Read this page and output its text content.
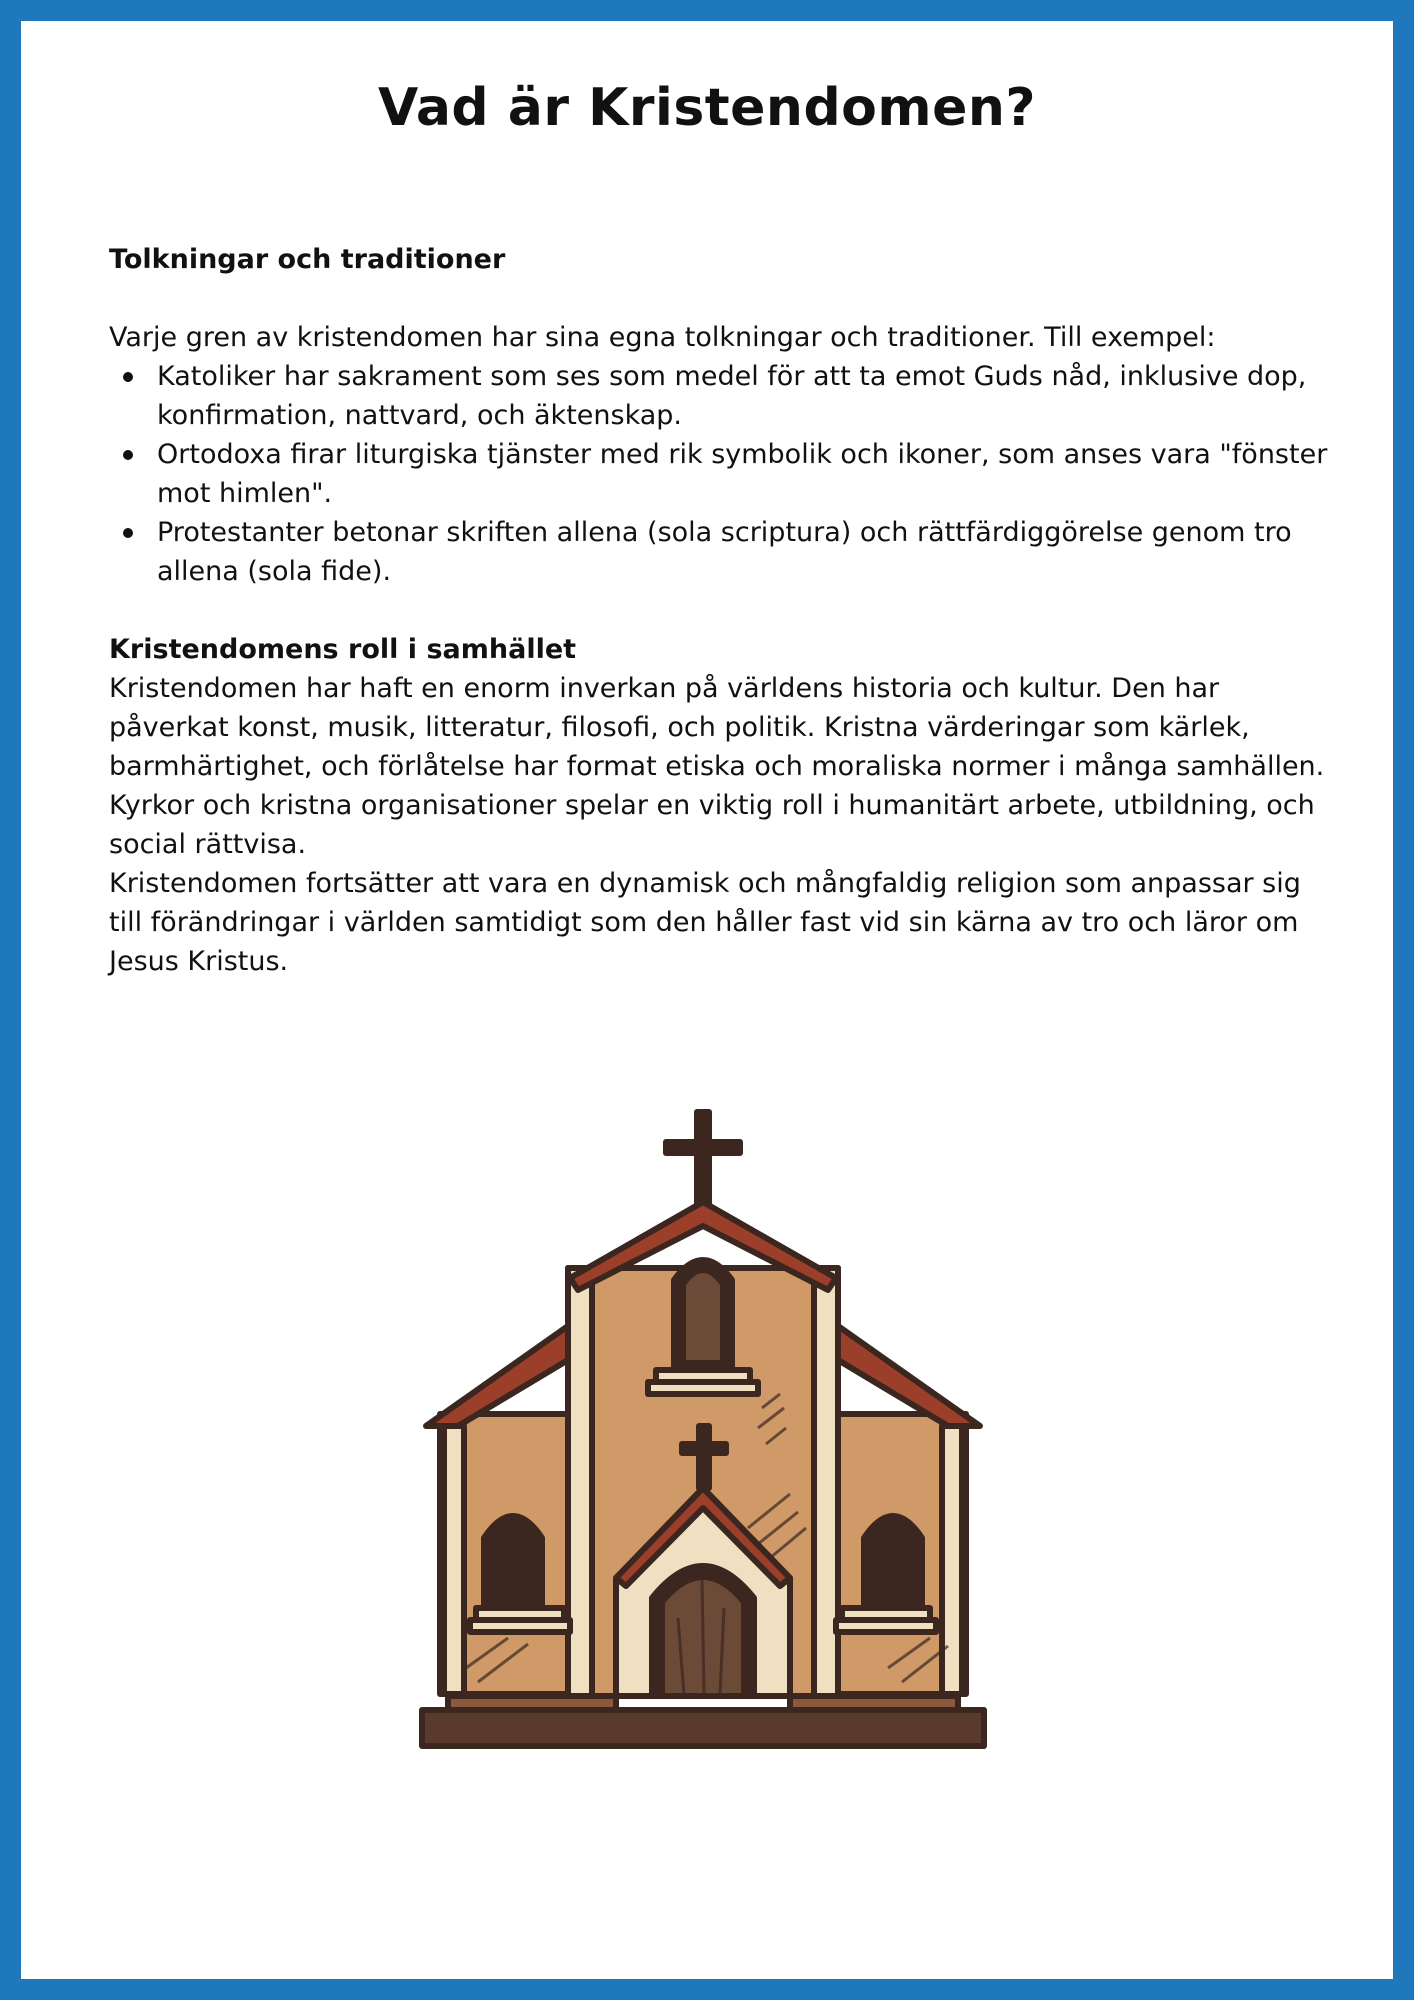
Vad är Kristendomen?

Tolkningar och traditioner

Varje gren av kristendomen har sina egna tolkningar och traditioner. Till exempel:

Katoliker har sakrament som ses som medel för att ta emot Guds nåd, inklusive dop, konfirmation, nattvard, och äktenskap.
Ortodoxa firar liturgiska tjänster med rik symbolik och ikoner, som anses vara "fönster mot himlen".
Protestanter betonar skriften allena (sola scriptura) och rättfärdiggörelse genom tro allena (sola fide).

Kristendomens roll i samhället

Kristendomen har haft en enorm inverkan på världens historia och kultur. Den har påverkat konst, musik, litteratur, filosofi, och politik. Kristna värderingar som kärlek, barmhärtighet, och förlåtelse har format etiska och moraliska normer i många samhällen. Kyrkor och kristna organisationer spelar en viktig roll i humanitärt arbete, utbildning, och social rättvisa.

Kristendomen fortsätter att vara en dynamisk och mångfaldig religion som anpassar sig till förändringar i världen samtidigt som den håller fast vid sin kärna av tro och läror om Jesus Kristus.
